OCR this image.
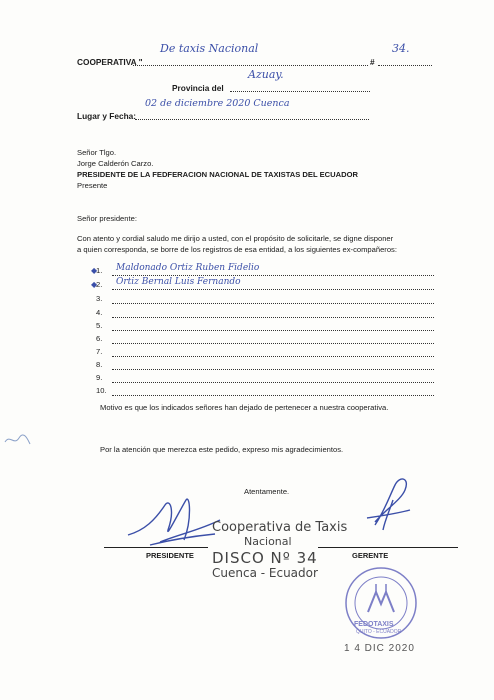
COOPERATIVA "
De taxis Nacional
#
34.
Provincia del
Azuay.
Lugar y Fecha:
02 de diciembre 2020 Cuenca
Señor Tlgo.
Jorge Calderón Carzo.
PRESIDENTE DE LA FEDFERACION NACIONAL DE TAXISTAS DEL ECUADOR
Presente
Señor presidente:
Con atento y cordial saludo me dirijo a usted, con el propósito de solicitarle, se digne disponer
a quien corresponda, se borre de los registros de esa entidad, a los siguientes ex-compañeros:
1. Maldonado Ortiz Ruben Fidelio
2. Ortiz Bernal Luis Fernando
3.
4.
5.
6.
7.
8.
9.
10.
◆
◆
Motivo es que los indicados señores han dejado de pertenecer a nuestra cooperativa.
Por la atención que merezca este pedido, expreso mis agradecimientos.
Atentamente.
PRESIDENTE	GERENTE
Cooperativa de Taxis
Nacional
DISCO Nº 34
Cuenca - Ecuador
FEDOTAXIS
QUITO - ECUADOR
1 4 DIC 2020
